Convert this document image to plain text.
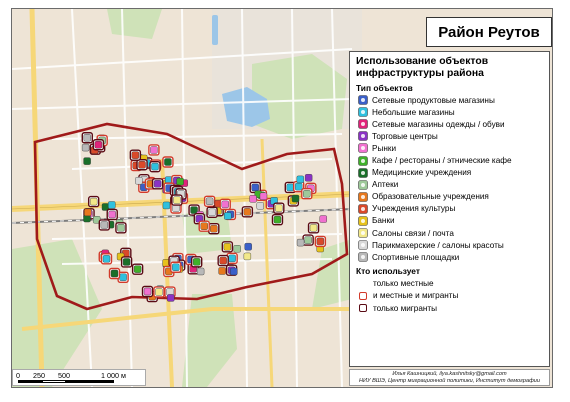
Район Реутов
Использование объектов инфраструктуры района
Тип объектов
Сетевые продуктовые магазины
Небольшие магазины
Сетевые магазины одежды / обуви
Торговые центры
Рынки
Кафе / рестораны / этнические кафе
Медицинские учреждения
Аптеки
Образовательные учреждения
Учреждения культуры
Банки
Салоны связи / почта
Парикмахерские / салоны красоты
Спортивные площадки
Кто использует
только местные
и местные и мигранты
только мигранты
0 250 500	1 000 м	Илья Кашницкий, ilya.kashnitsky@gmail.com
НИУ ВШЭ, Центр миграционной политики, Институт демографии
